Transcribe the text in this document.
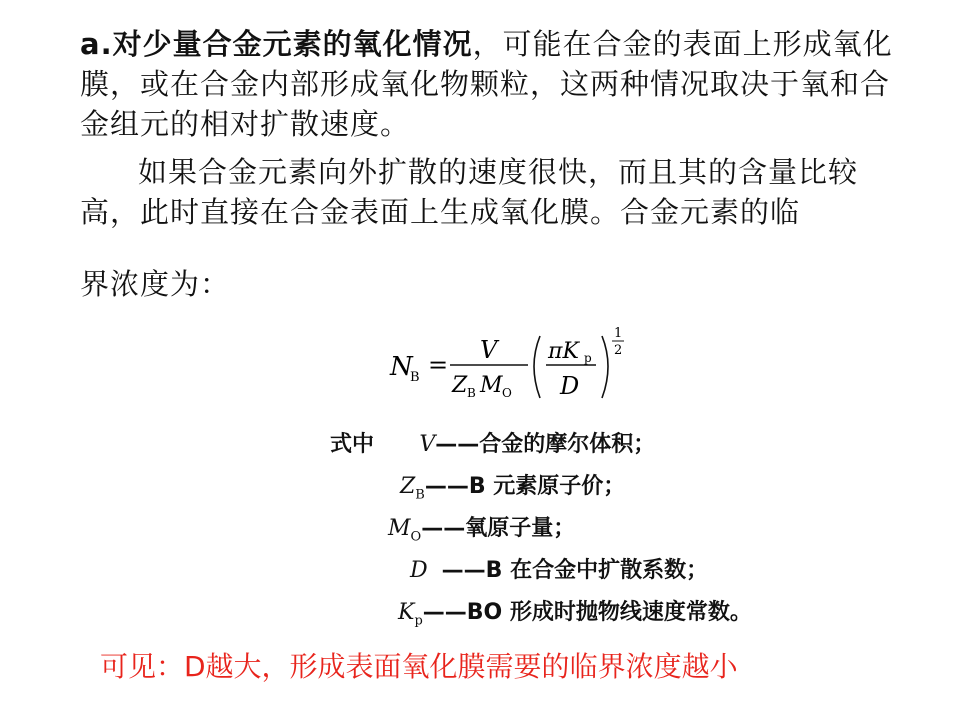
a.对少量合金元素的氧化情况，可能在合金的表面上形成氧化膜，或在合金内部形成氧化物颗粒，这两种情况取决于氧和合金组元的相对扩散速度。

如果合金元素向外扩散的速度很快，而且其的含量比较高，此时直接在合金表面上生成氧化膜。合金元素的临

界浓度为：

N
B =
V
Z B M O
πK p
D
1
2
式中 V——合金的摩尔体积；
$Z_B——B$ 元素原子价；
$M_O——$氧原子量；
D ——B 在合金中扩散系数；
$K_p——BO$ 形成时抛物线速度常数。

可见：D越大，形成表面氧化膜需要的临界浓度越小
